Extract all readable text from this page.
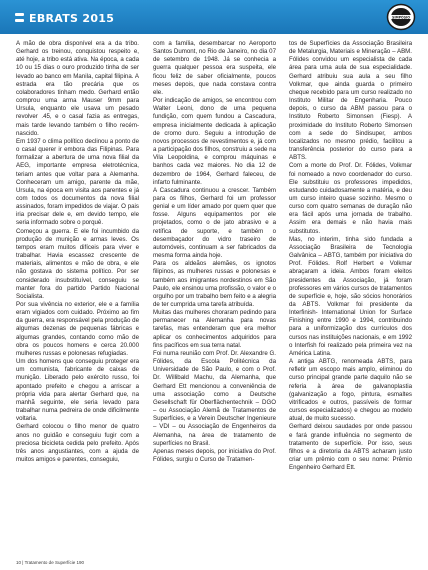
EBRATS 2015	SIMPÓSIO

A mão de obra disponível era a da tribo. Gerhard os treinou, conquistou respeito e, até hoje, a tribo está ativa. Na época, a cada 10 ou 15 dias o ouro produzido tinha de ser levado ao banco em Manila, capital filipina. A estrada era tão precária que os colaboradores tinham medo. Gerhard então comprou uma arma Mauser 9mm para Ursula, enquanto ele usava um pesado revolver .45, e o casal fazia as entregas, mais tarde levando também o filho recém-nascido.

Em 1937 o clima político declinou a ponto de o casal querer ir embora das Filipinas. Para formalizar a abertura de uma nova filial da AEG, importante empresa eletrotécnica, teriam antes que voltar para a Alemanha. Conheceram um amigo, parente da mãe, Ursula, na época em visita aos parentes e já com todos os documentos da nova filial assinados, foram impedidos de viajar. O pais iria precisar dele e, em devido tempo, ele seria informado sobre o porquê.

Começou a guerra. E ele foi incumbido da produção de munição e armas leves. Os tempos eram muitos difíceis para viver e trabalhar. Havia escassez crescente de materiais, alimentos e mão de obra, e ele não gostava do sistema político. Por ser considerado insubstituível, conseguiu se manter fora do partido Partido Nacional Socialista.

Por sua vivência no exterior, ele e a família eram vigiados com cuidado. Próximo ao fim da guerra, era responsável pela produção de algumas dezenas de pequenas fábricas e algumas grandes, contando como mão de obra os poucos homens e cerca 20.000 mulheres russas e polonesas refugiadas.

Um dos homens que conseguiu proteger era um comunista, fabricante de caixas de munição. Liberado pelo exército russo, foi apontado prefeito e chegou a arriscar a própria vida para alertar Gerhard que, na manhã seguinte, ele seria levado para trabalhar numa pedreira de onde dificilmente voltaria.

Gerhard colocou o filho menor de quatro anos no guidão e conseguiu fugir com a preciosa bicicleta cedida pelo prefeito. Após três anos angustiantes, com a ajuda de muitos amigos e parentes, conseguiu,

com a família, desembarcar no Aeroporto Santos Dumont, no Rio de Janeiro, no dia 07 de setembro de 1948. Já se conhecia a guerra qualquer pessoa era suspeita, ele ficou feliz de saber oficialmente, poucos meses depois, que nada constava contra ele.

Por indicação de amigos, se encontrou com Walter Leoni, dono de uma pequena fundição, com quem fundou a Cascadura, empresa inicialmente dedicada à aplicação de cromo duro. Seguiu a introdução de novos processos de revestimentos e, já com a participação dos filhos, construiu a sede na Vila Leopoldina, e comprou máquinas e banhos cada vez maiores. No dia 12 de dezembro de 1964, Gerhard faleceu, de infarto fulminante.

A Cascadura continuou a crescer. Também para os filhos, Gerhard foi um professor genial e um líder amado por quem quer que fosse. Alguns equipamentos por ele projetados, como o de jato abrasivo e a retífica de suporte, e também o desembaçador do vidro traseiro de automóveis, continuam a ser fabricados da mesma forma ainda hoje.

Para os aldeãos alemães, os ignotos filipinos, as mulheres russas e polonesas e também aos imigrantes nordestinos em São Paulo, ele ensinou uma profissão, o valor e o orgulho por um trabalho bem feito e a alegria de ter cumprida uma tarefa atribuída.

Muitas das mulheres choraram pedindo para permanecer na Alemanha para novas tarefas, mas entenderam que era melhor aplicar os conhecimentos adquiridos para fins pacíficos em sua terra natal.

Foi numa reunião com Prof. Dr. Alexandre G. Fólides, da Escola Politécnica da Universidade de São Paulo, e com o Prof. Dr. Willibald Machu, da Alemanha, que Gerhard Ett mencionou a conveniência de uma associação como a Deutsche Gesellschaft für Oberflächentechnik – DGO – ou Associação Alemã de Tratamentos de Superfícies, e a Verein Deutscher Ingenieure – VDI – ou Associação de Engenheiros da Alemanha, na área de tratamento de superfícies no Brasil.

Apenas meses depois, por iniciativa do Prof. Fólides, surgiu o Curso de Tratamen-

tos de Superfícies da Associação Brasileira de Metalurgia, Materiais e Mineração – ABM. Fólides convidou um especialista de cada área para uma aula de sua especialidade. Gerhard atribuiu sua aula a seu filho Volkmar, que ainda guarda o primeiro cheque recebido para um curso realizado no Instituto Militar de Engenharia. Pouco depois, o curso da ABM passou para o Instituto Roberto Simonsen (Fiesp). A proximidade do Instituto Roberto Simonsen com a sede do Sindisuper, ambos localizados no mesmo prédio, facilitou a transferência posterior do curso para a ABTS.

Com a morte do Prof. Dr. Fólides, Volkmar foi nomeado a novo coordenador do curso. Ele substituiu os professores impedidos, estudando cuidadosamente a matéria, e deu um curso inteiro quase sozinho. Mesmo o curso com quatro semanas de duração não era fácil após uma jornada de trabalho. Assim era demais e não havia mais substitutos.

Mas, no interim, tinha sido fundada a Associação Brasileira de Tecnologia Galvânica – ABTG, também por iniciativa do Prof. Fólides. Rolf Herbert e Volkmar abraçaram a ideia. Ambos foram eleitos presidentes da Associação, já foram professores em vários cursos de tratamentos de superfície e, hoje, são sócios honorários da ABTS. Volkmar foi presidente da Interfinish- International Union for Surface Finishing entre 1990 e 1994, contribuindo para a uniformização dos currículos dos cursos nas instituições nacionais, e em 1992 o Interfish foi realizado pela primeira vez na América Latina.

A antiga ABTG, renomeada ABTS, para refletir um escopo mais amplo, eliminou do curso principal grande parte daquilo não se referia à área de galvanoplastia (galvanização a fogo, pintura, esmaltes vitrificados e outros, passíveis de formar cursos especializados) e chegou ao modelo atual, de muito sucesso.

Gerhard deixou saudades por onde passou e fará grande influência no segmento de tratamento de superfície. Por isso, seus filhos e a diretoria da ABTS acharam justo criar um prêmio com o seu nome: Prêmio Engenheiro Gerhard Ett.

10 | Tratamento de Superfície 190
